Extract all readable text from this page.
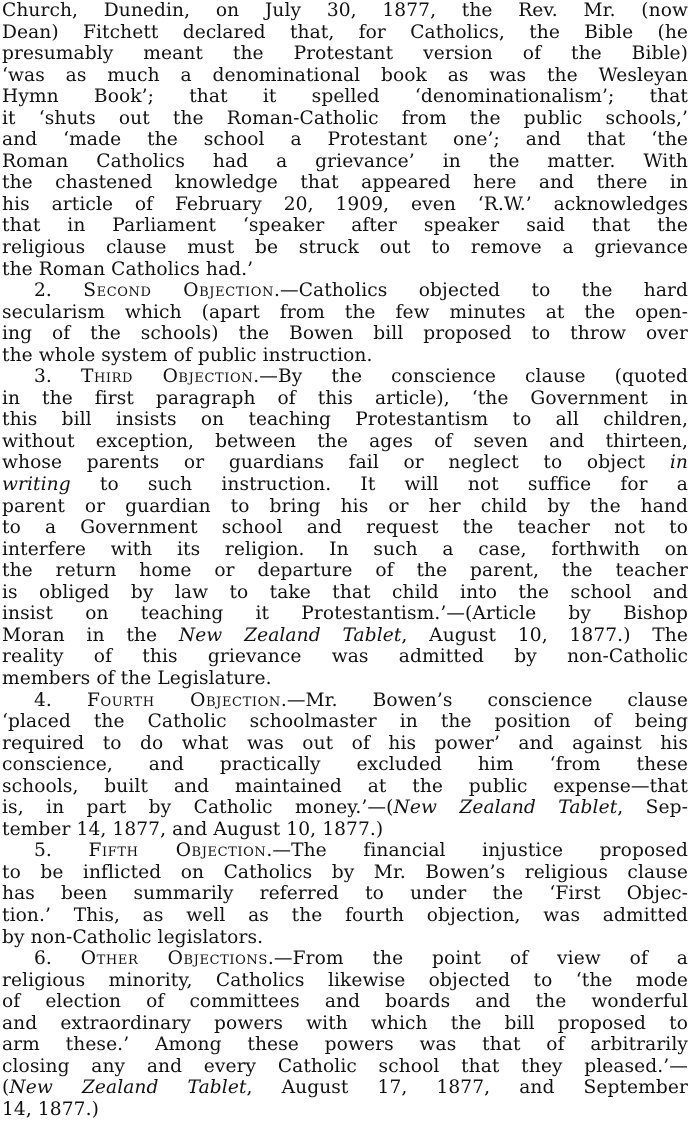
Church, Dunedin, on July 30, 1877, the Rev. Mr. (now
Dean) Fitchett declared that, for Catholics, the Bible (he
presumably meant the Protestant version of the Bible)
‘was as much a denominational book as was the Wesleyan
Hymn Book’; that it spelled ‘denominationalism’; that
it ‘shuts out the Roman-Catholic from the public schools,’
and ‘made the school a Protestant one’; and that ‘the
Roman Catholics had a grievance’ in the matter. With
the chastened knowledge that appeared here and there in
his article of February 20, 1909, even ‘R.W.’ acknowledges
that in Parliament ‘speaker after speaker said that the
religious clause must be struck out to remove a grievance
the Roman Catholics had.’
2. Second Objection.—Catholics objected to the hard
secularism which (apart from the few minutes at the open-
ing of the schools) the Bowen bill proposed to throw over
the whole system of public instruction.
3. Third Objection.—By the conscience clause (quoted
in the first paragraph of this article), ‘the Government in
this bill insists on teaching Protestantism to all children,
without exception, between the ages of seven and thirteen,
whose parents or guardians fail or neglect to object in
writing to such instruction. It will not suffice for a
parent or guardian to bring his or her child by the hand
to a Government school and request the teacher not to
interfere with its religion. In such a case, forthwith on
the return home or departure of the parent, the teacher
is obliged by law to take that child into the school and
insist on teaching it Protestantism.’—(Article by Bishop
Moran in the New Zealand Tablet, August 10, 1877.) The
reality of this grievance was admitted by non-Catholic
members of the Legislature.
4. Fourth Objection.—Mr. Bowen’s conscience clause
‘placed the Catholic schoolmaster in the position of being
required to do what was out of his power’ and against his
conscience, and practically excluded him ‘from these
schools, built and maintained at the public expense—that
is, in part by Catholic money.’—(New Zealand Tablet, Sep-
tember 14, 1877, and August 10, 1877.)
5. Fifth Objection.—The financial injustice proposed
to be inflicted on Catholics by Mr. Bowen’s religious clause
has been summarily referred to under the ‘First Objec-
tion.’ This, as well as the fourth objection, was admitted
by non-Catholic legislators.
6. Other Objections.—From the point of view of a
religious minority, Catholics likewise objected to ‘the mode
of election of committees and boards and the wonderful
and extraordinary powers with which the bill proposed to
arm these.’ Among these powers was that of arbitrarily
closing any and every Catholic school that they pleased.’—
(New Zealand Tablet, August 17, 1877, and September
14, 1877.)
